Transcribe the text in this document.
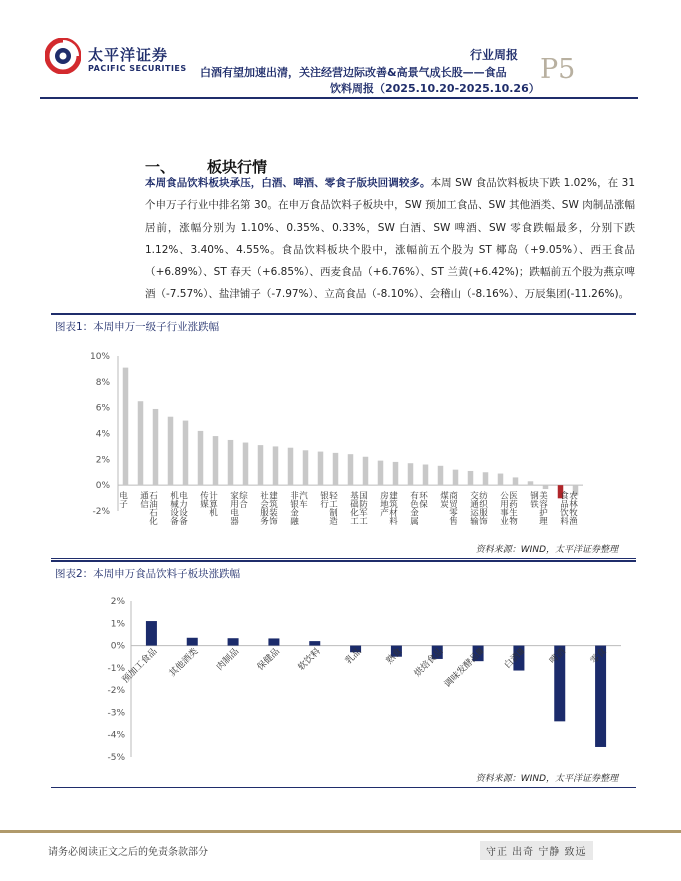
太平洋证券
PACIFIC SECURITIES
行业周报
白酒有望加速出清，关注经营边际改善&高景气成长股——食品
饮料周报（2025.10.20-2025.10.26）
P5
一、 板块行情
本周食品饮料板块承压，白酒、啤酒、零食子版块回调较多。本周 SW 食品饮料板块下跌 1.02%，在 31 个申万子行业中排名第 30。在申万食品饮料子板块中，SW 预加工食品、SW 其他酒类、SW 肉制品涨幅居前，涨幅分别为 1.10%、0.35%、0.33%，SW 白酒、SW 啤酒、SW 零食跌幅最多，分别下跌 1.12%、3.40%、4.55%。食品饮料板块个股中，涨幅前五个股为 ST 椰岛（+9.05%）、西王食品（+6.89%）、ST 春天（+6.85%）、西麦食品（+6.76%）、ST 兰黄(+6.42%)；跌幅前五个股为燕京啤酒（-7.57%）、盐津铺子（-7.97%）、立高食品（-8.10%）、会稽山（-8.16%）、万辰集团(-11.26%)。
图表1：本周申万一级子行业涨跌幅
-2%
0%
2%
4%
6%
8%
10%
电子 通信 石油石化 机械设备 电力设备 传媒 计算机 家用电器 综合 社会服务 建筑装饰 非银金融 汽车 银行 轻工制造 基础化工 国防军工 房地产 建筑材料 有色金属 环保 煤炭 商贸零售 交通运输 纺织服饰 公用事业 医药生物 钢铁 美容护理 食品饮料 农林牧渔
资料来源：WIND，太平洋证券整理
图表2：本周申万食品饮料子板块涨跌幅
2%
1%
0%
-1%
-2%
-3%
-4%
-5%
预加工食品 其他酒类 肉制品 保健品 软饮料 乳品 熟食 烘焙食品
调味发酵品Ⅲ 白酒Ⅲ 啤酒 零食
资料来源：WIND，太平洋证券整理
请务必阅读正文之后的免责条款部分	守正 出奇 宁静 致远
